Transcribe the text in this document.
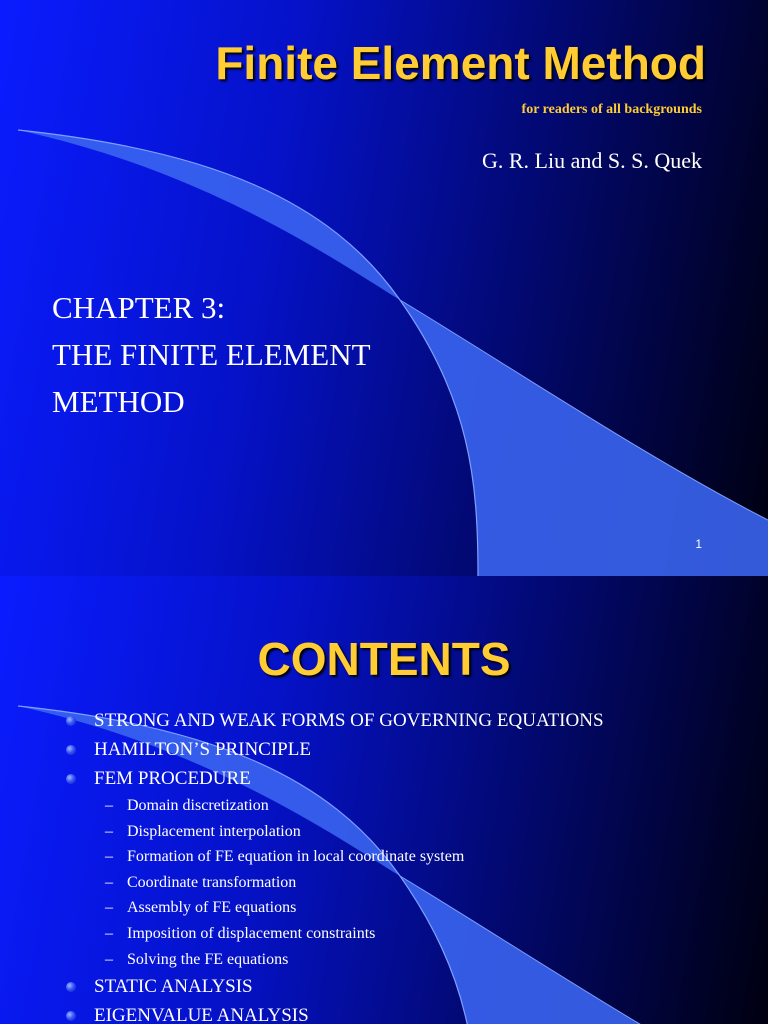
Finite Element Method
for readers of all backgrounds
G. R. Liu and S. S. Quek
CHAPTER 3:
THE FINITE ELEMENT
METHOD
1
CONTENTS
STRONG AND WEAK FORMS OF GOVERNING EQUATIONS
HAMILTON’S PRINCIPLE
FEM PROCEDURE
– Domain discretization
– Displacement interpolation
– Formation of FE equation in local coordinate system
– Coordinate transformation
– Assembly of FE equations
– Imposition of displacement constraints
– Solving the FE equations
STATIC ANALYSIS
EIGENVALUE ANALYSIS
